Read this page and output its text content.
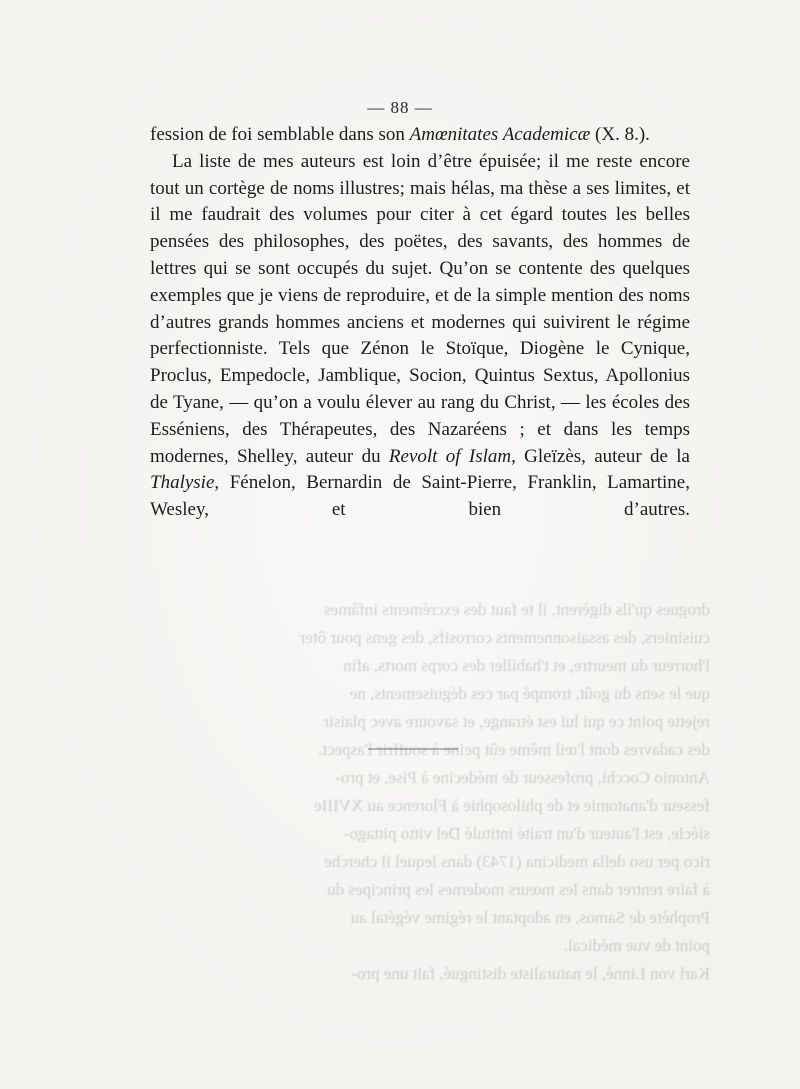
drogues qu'ils digèrent, il te faut des excréments infâmes
cuisiniers, des assaisonnements corrosifs, des gens pour ôter
l'horreur du meurtre, et t'habiller des corps morts, afin
que le sens du goût, trompé par ces déguisements, ne
rejette point ce qui lui est étrange, et savoure avec plaisir
des cadavres dont l'œil même eût peine à souffrir l'aspect.
Antonio Cocchi, professeur de médecine à Pise, et pro-
fesseur d'anatomie et de philosophie à Florence au XVIIIe
siècle, est l'auteur d'un traité intitulé Del vitto pittago-
rico per uso della medicina (1743) dans lequel il cherche
à faire rentrer dans les mœurs modernes les principes du
Prophète de Samos, en adoptant le régime végétal au
point de vue médical.
Karl von Linné, le naturaliste distingué, fait une pro-
— 88 —

fession de foi semblable dans son Amœnitates Academicæ (X. 8.).

La liste de mes auteurs est loin d’être épuisée; il me reste encore tout un cortège de noms illustres; mais hélas, ma thèse a ses limites, et il me faudrait des volumes pour citer à cet égard toutes les belles pensées des philosophes, des poëtes, des savants, des hommes de lettres qui se sont occupés du sujet. Qu’on se contente des quelques exemples que je viens de reproduire, et de la simple mention des noms d’autres grands hommes anciens et modernes qui suivirent le régime perfectionniste. Tels que Zénon le Stoïque, Diogène le Cynique, Proclus, Empedocle, Jamblique, Socion, Quintus Sextus, Apollonius de Tyane, — qu’on a voulu élever au rang du Christ, — les écoles des Esséniens, des Thérapeutes, des Nazaréens ; et dans les temps modernes, Shelley, auteur du Revolt of Islam, Gleïzès, auteur de la Thalysie, Fénelon, Bernardin de Saint-Pierre, Franklin, Lamartine, Wesley, et bien d’autres.
